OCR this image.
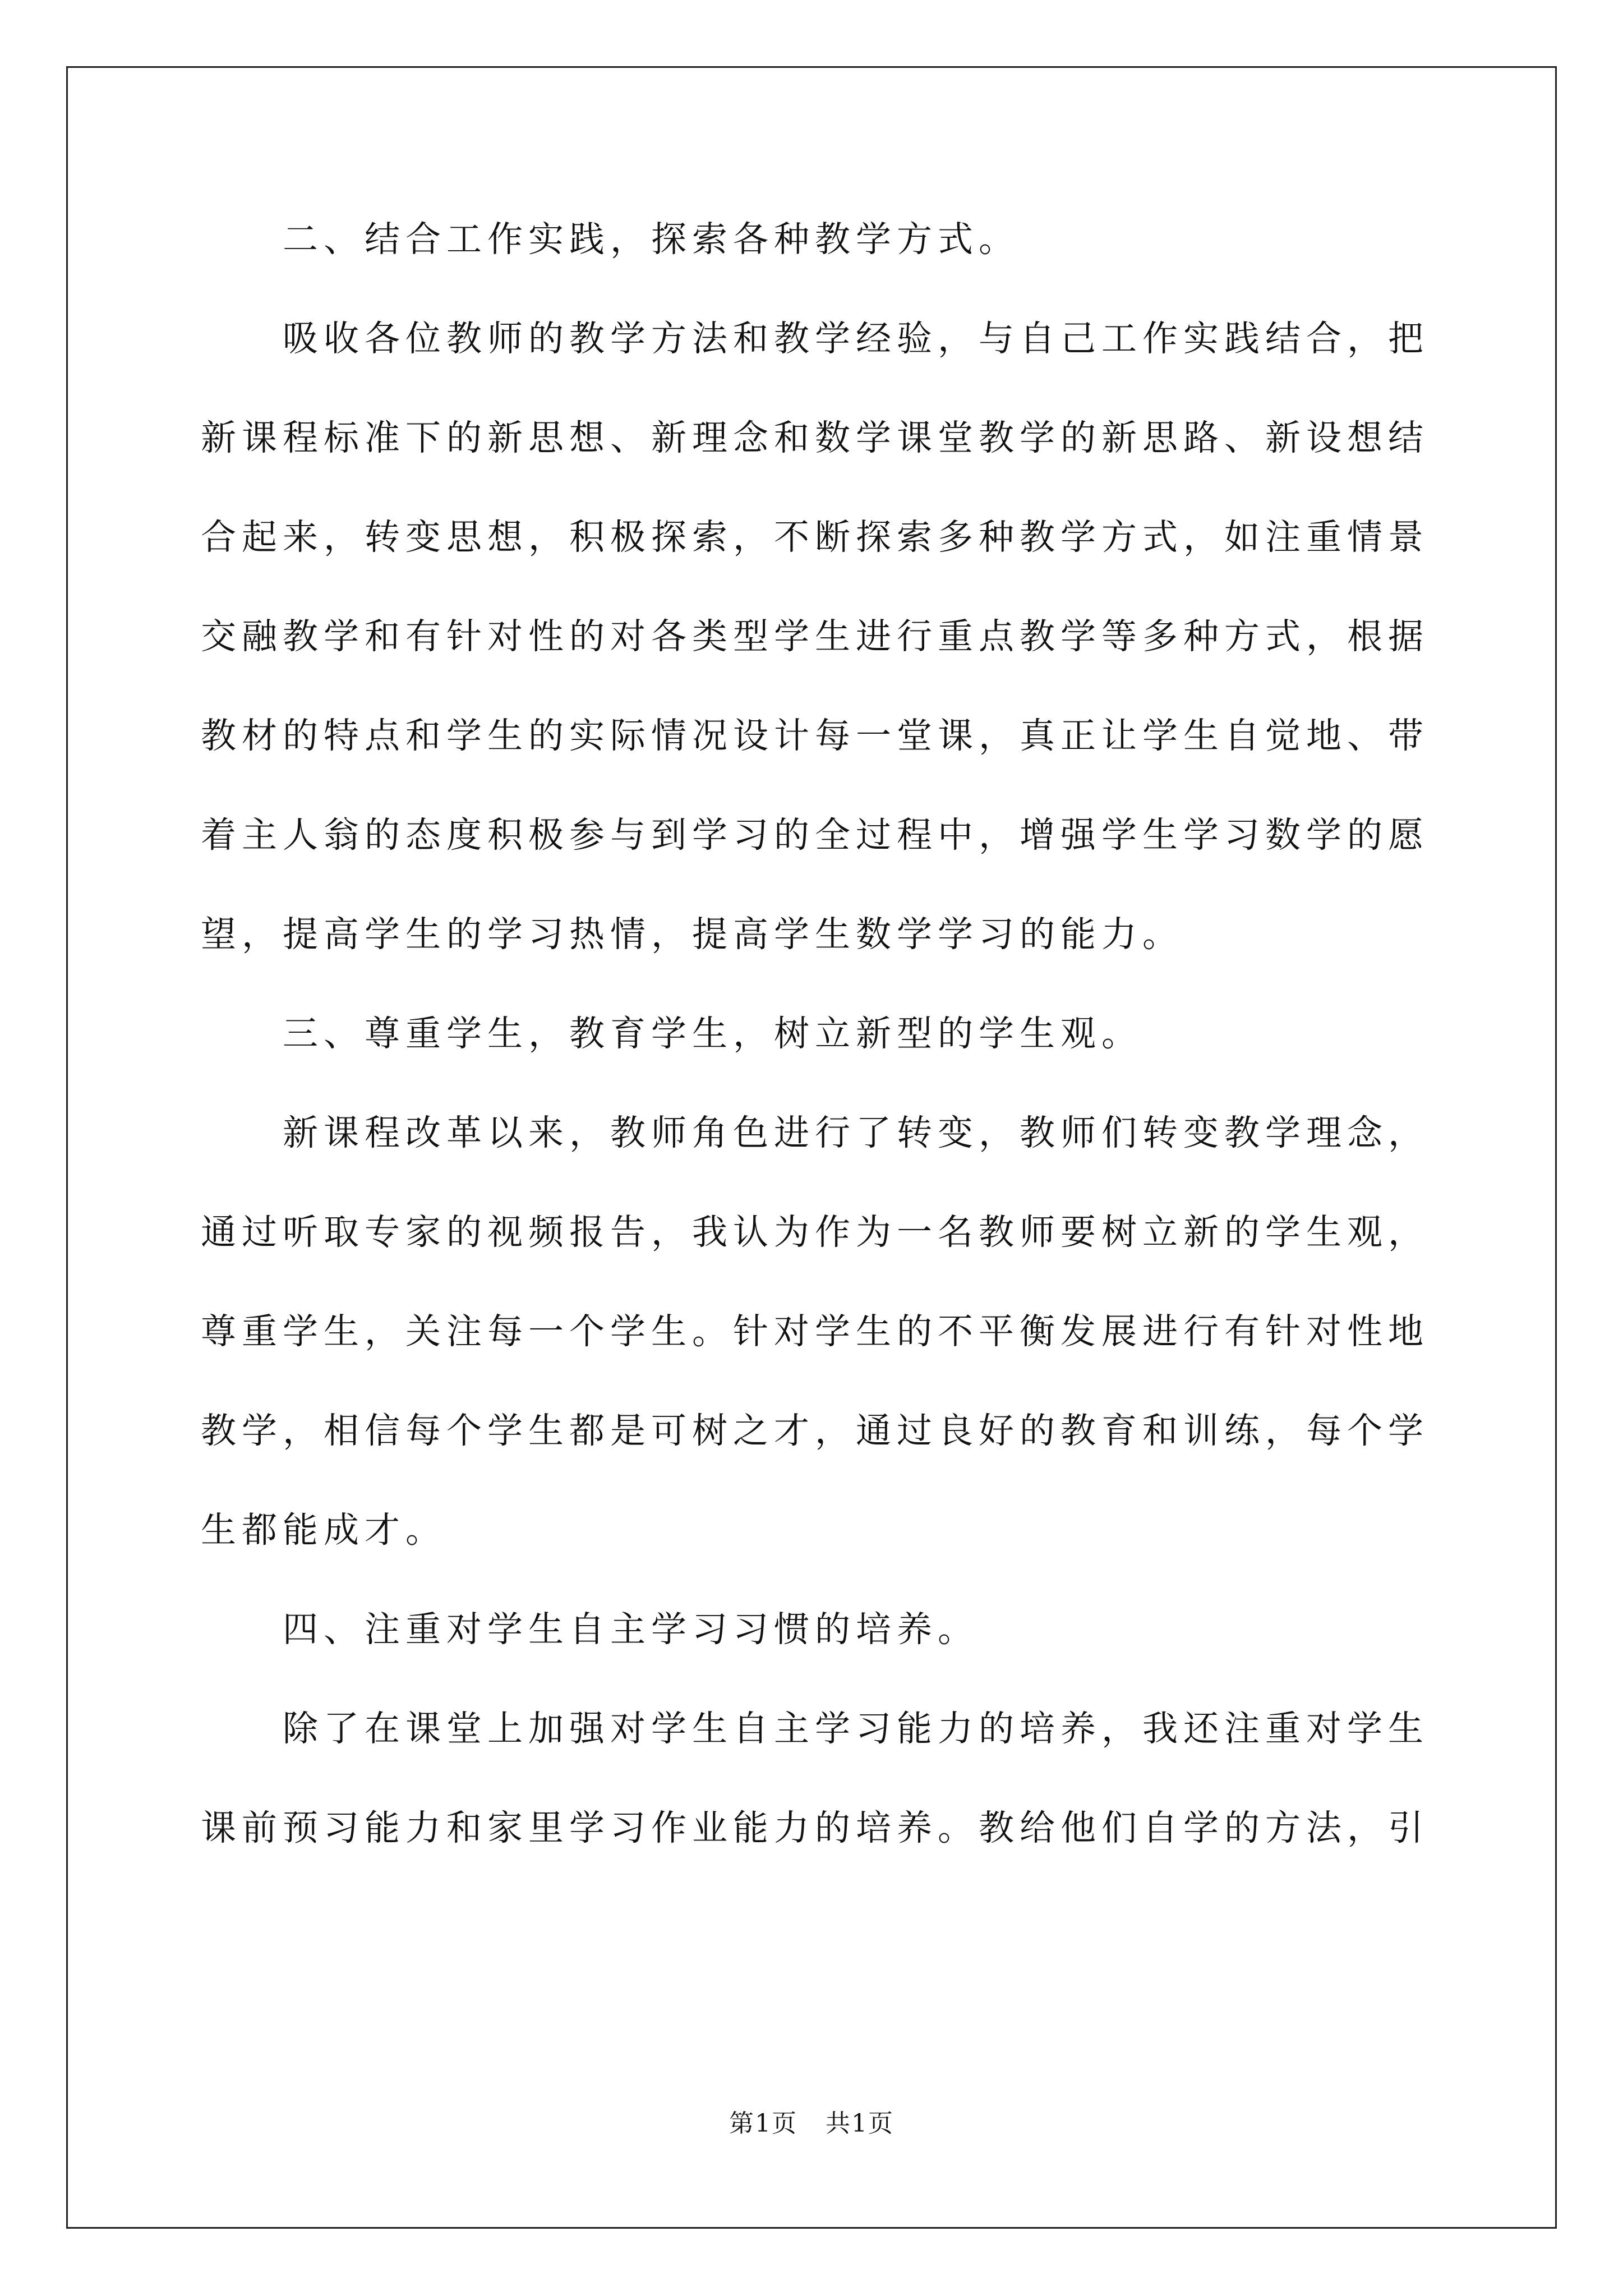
二、结合工作实践，探索各种教学方式。

吸收各位教师的教学方法和教学经验，与自己工作实践结合，把新课程标准下的新思想、新理念和数学课堂教学的新思路、新设想结合起来，转变思想，积极探索，不断探索多种教学方式，如注重情景交融教学和有针对性的对各类型学生进行重点教学等多种方式，根据教材的特点和学生的实际情况设计每一堂课，真正让学生自觉地、带着主人翁的态度积极参与到学习的全过程中，增强学生学习数学的愿望，提高学生的学习热情，提高学生数学学习的能力。

三、尊重学生，教育学生，树立新型的学生观。

新课程改革以来，教师角色进行了转变，教师们转变教学理念，通过听取专家的视频报告，我认为作为一名教师要树立新的学生观，尊重学生，关注每一个学生。针对学生的不平衡发展进行有针对性地教学，相信每个学生都是可树之才，通过良好的教育和训练，每个学生都能成才。

四、注重对学生自主学习习惯的培养。

除了在课堂上加强对学生自主学习能力的培养，我还注重对学生课前预习能力和家里学习作业能力的培养。教给他们自学的方法，引

第1页 共1页
